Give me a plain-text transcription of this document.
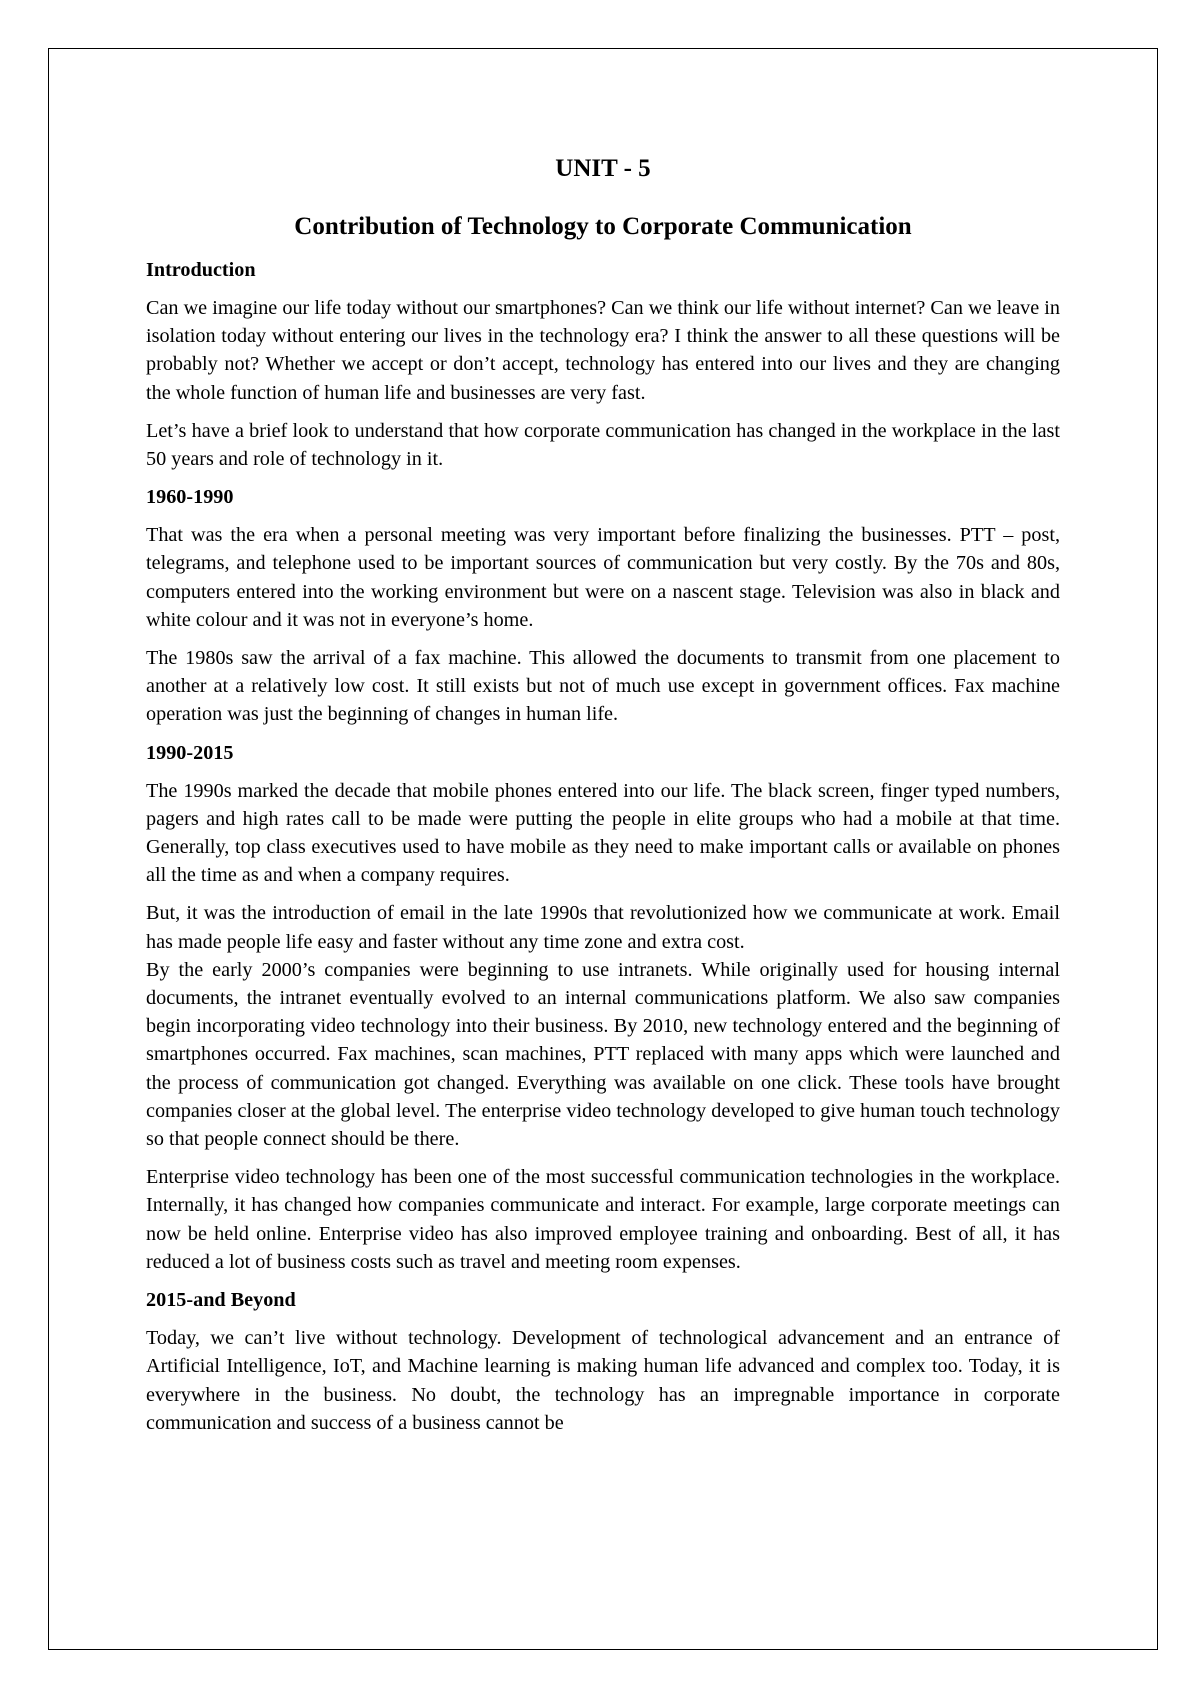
UNIT - 5
Contribution of Technology to Corporate Communication
Introduction

Can we imagine our life today without our smartphones? Can we think our life without internet? Can we leave in isolation today without entering our lives in the technology era? I think the answer to all these questions will be probably not? Whether we accept or don’t accept, technology has entered into our lives and they are changing the whole function of human life and businesses are very fast.

Let’s have a brief look to understand that how corporate communication has changed in the workplace in the last 50 years and role of technology in it.

1960-1990

That was the era when a personal meeting was very important before finalizing the businesses. PTT – post, telegrams, and telephone used to be important sources of communication but very costly. By the 70s and 80s, computers entered into the working environment but were on a nascent stage. Television was also in black and white colour and it was not in everyone’s home.

The 1980s saw the arrival of a fax machine. This allowed the documents to transmit from one placement to another at a relatively low cost. It still exists but not of much use except in government offices. Fax machine operation was just the beginning of changes in human life.

1990-2015

The 1990s marked the decade that mobile phones entered into our life. The black screen, finger typed numbers, pagers and high rates call to be made were putting the people in elite groups who had a mobile at that time. Generally, top class executives used to have mobile as they need to make important calls or available on phones all the time as and when a company requires.

But, it was the introduction of email in the late 1990s that revolutionized how we communicate at work. Email has made people life easy and faster without any time zone and extra cost.

By the early 2000’s companies were beginning to use intranets. While originally used for housing internal documents, the intranet eventually evolved to an internal communications platform. We also saw companies begin incorporating video technology into their business. By 2010, new technology entered and the beginning of smartphones occurred. Fax machines, scan machines, PTT replaced with many apps which were launched and the process of communication got changed. Everything was available on one click. These tools have brought companies closer at the global level. The enterprise video technology developed to give human touch technology so that people connect should be there.

Enterprise video technology has been one of the most successful communication technologies in the workplace. Internally, it has changed how companies communicate and interact. For example, large corporate meetings can now be held online. Enterprise video has also improved employee training and onboarding. Best of all, it has reduced a lot of business costs such as travel and meeting room expenses.

2015-and Beyond

Today, we can’t live without technology. Development of technological advancement and an entrance of Artificial Intelligence, IoT, and Machine learning is making human life advanced and complex too. Today, it is everywhere in the business. No doubt, the technology has an impregnable importance in corporate communication and success of a business cannot be
